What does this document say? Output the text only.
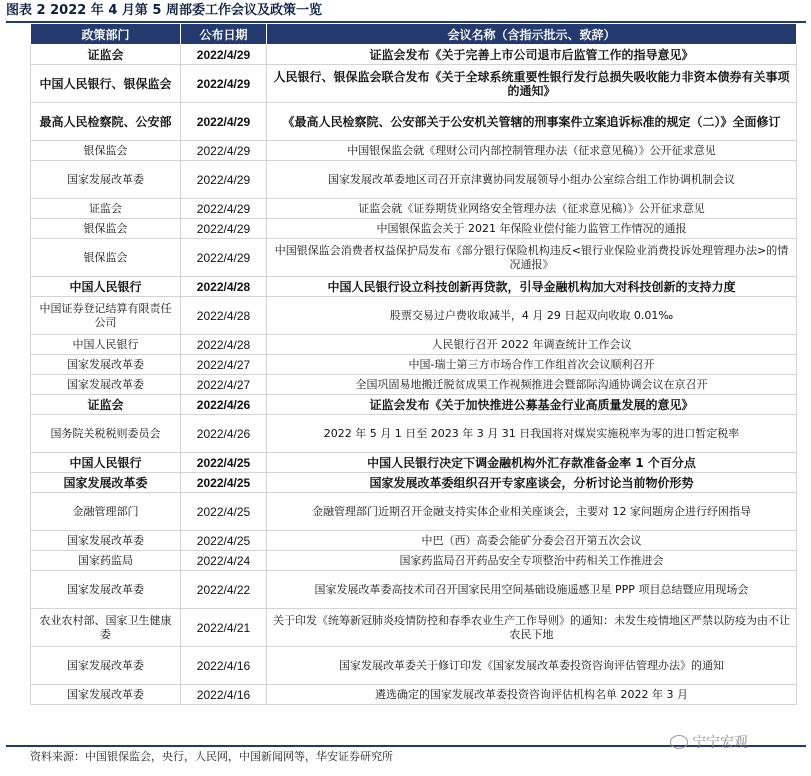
图表 2 2022 年 4 月第 5 周部委工作会议及政策一览
政策部门	公布日期	会议名称（含指示批示、致辞）
证监会	2022/4/29	证监会发布《关于完善上市公司退市后监管工作的指导意见》
中国人民银行、银保监会	2022/4/29	人民银行、银保监会联合发布《关于全球系统重要性银行发行总损失吸收能力非资本债券有关事项的通知》
最高人民检察院、公安部	2022/4/29	《最高人民检察院、公安部关于公安机关管辖的刑事案件立案追诉标准的规定（二）》全面修订
银保监会	2022/4/29	中国银保监会就《理财公司内部控制管理办法（征求意见稿）》公开征求意见
国家发展改革委	2022/4/29	国家发展改革委地区司召开京津冀协同发展领导小组办公室综合组工作协调机制会议
证监会	2022/4/29	证监会就《证券期货业网络安全管理办法（征求意见稿）》公开征求意见
银保监会	2022/4/29	中国银保监会关于 2021 年保险业偿付能力监管工作情况的通报
银保监会	2022/4/29	中国银保监会消费者权益保护局发布《部分银行保险机构违反<银行业保险业消费投诉处理管理办法>的情况通报》
中国人民银行	2022/4/28	中国人民银行设立科技创新再贷款，引导金融机构加大对科技创新的支持力度
中国证券登记结算有限责任公司	2022/4/28	股票交易过户费收取减半，4 月 29 日起双向收取 0.01‰
中国人民银行	2022/4/28	人民银行召开 2022 年调查统计工作会议
国家发展改革委	2022/4/27	中国-瑞士第三方市场合作工作组首次会议顺利召开
国家发展改革委	2022/4/27	全国巩固易地搬迁脱贫成果工作视频推进会暨部际沟通协调会议在京召开
证监会	2022/4/26	证监会发布《关于加快推进公募基金行业高质量发展的意见》
国务院关税税则委员会	2022/4/26	2022 年 5 月 1 日至 2023 年 3 月 31 日我国将对煤炭实施税率为零的进口暂定税率
中国人民银行	2022/4/25	中国人民银行决定下调金融机构外汇存款准备金率 1 个百分点
国家发展改革委	2022/4/25	国家发展改革委组织召开专家座谈会，分析讨论当前物价形势
金融管理部门	2022/4/25	金融管理部门近期召开金融支持实体企业相关座谈会，主要对 12 家问题房企进行纾困指导
国家发展改革委	2022/4/25	中巴（西）高委会能矿分委会召开第五次会议
国家药监局	2022/4/24	国家药监局召开药品安全专项整治中药相关工作推进会
国家发展改革委	2022/4/22	国家发展改革委高技术司召开国家民用空间基础设施遥感卫星 PPP 项目总结暨应用现场会
农业农村部、国家卫生健康委	2022/4/21	关于印发《统筹新冠肺炎疫情防控和春季农业生产工作导则》的通知：未发生疫情地区严禁以防疫为由不让农民下地
国家发展改革委	2022/4/16	国家发展改革委关于修订印发《国家发展改革委投资咨询评估管理办法》的通知
国家发展改革委	2022/4/16	遴选确定的国家发展改革委投资咨询评估机构名单 2022 年 3 月
资料来源：中国银保监会，央行，人民网，中国新闻网等，华安证券研究所
宁宁宏观
